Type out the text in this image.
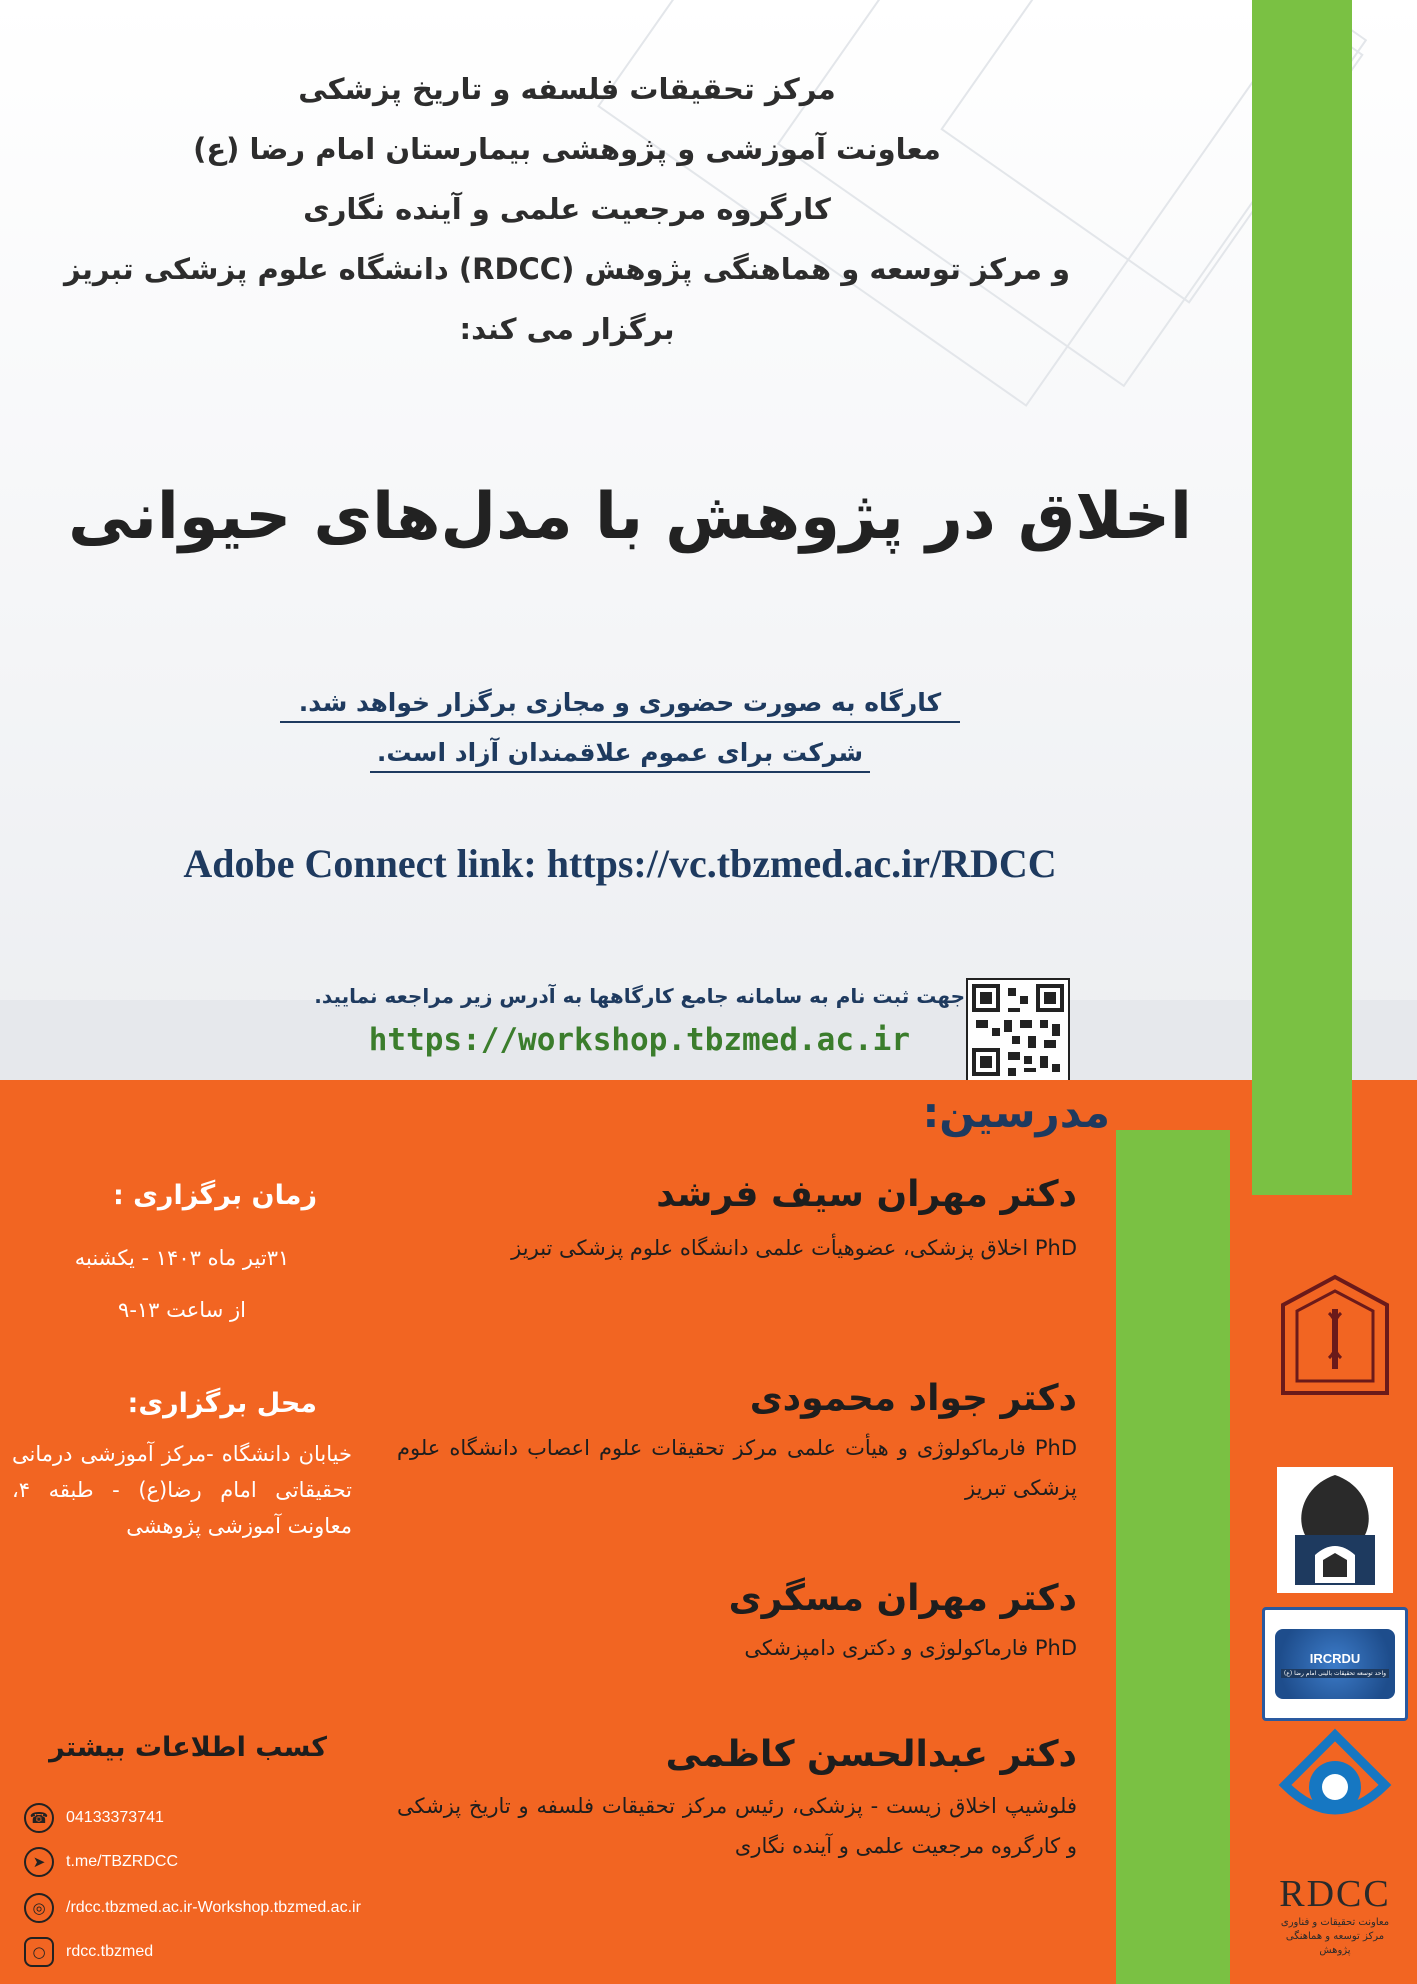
مرکز تحقیقات فلسفه و تاریخ پزشکی
معاونت آموزشی و پژوهشی بیمارستان امام رضا (ع)
کارگروه مرجعیت علمی و آینده نگاری
و مرکز توسعه و هماهنگی پژوهش (RDCC) دانشگاه علوم پزشکی تبریز
برگزار می کند:
اخلاق در پژوهش با مدل‌های حیوانی
کارگاه به صورت حضوری و مجازی برگزار خواهد شد.
شرکت برای عموم علاقمندان آزاد است.
Adobe Connect link: https://vc.tbzmed.ac.ir/RDCC
جهت ثبت نام به سامانه جامع کارگاهها به آدرس زیر مراجعه نمایید.
https://workshop.tbzmed.ac.ir
مدرسین:
دکتر مهران سیف فرشد
PhD اخلاق پزشکی، عضوهیأت علمی دانشگاه علوم پزشکی تبریز
دکتر جواد محمودی
PhD فارماکولوژی و هیأت علمی مرکز تحقیقات علوم اعصاب دانشگاه علوم پزشکی تبریز
دکتر مهران مسگری
PhD فارماکولوژی و دکتری دامپزشکی
دکتر عبدالحسن کاظمی
فلوشیپ اخلاق زیست - پزشکی، رئیس مرکز تحقیقات فلسفه و تاریخ پزشکی و کارگروه مرجعیت علمی و آینده نگاری
زمان برگزاری :
۳۱تیر ماه ۱۴۰۳ - یکشنبه
از ساعت ۱۳-۹
محل برگزاری:
خیابان دانشگاه -مرکز آموزشی درمانی تحقیقاتی امام رضا(ع) - طبقه ۴، معاونت آموزشی پژوهشی
کسب اطلاعات بیشتر
☎	04133373741
➤	t.me/TBZRDCC
◎	/rdcc.tbzmed.ac.ir-Workshop.tbzmed.ac.ir
○	rdcc.tbzmed
IRCRDU
واحد توسعه تحقیقات بالینی امام رضا (ع)
RDCC
معاونت تحقیقات و فناوری مرکز توسعه و هماهنگی پژوهش
